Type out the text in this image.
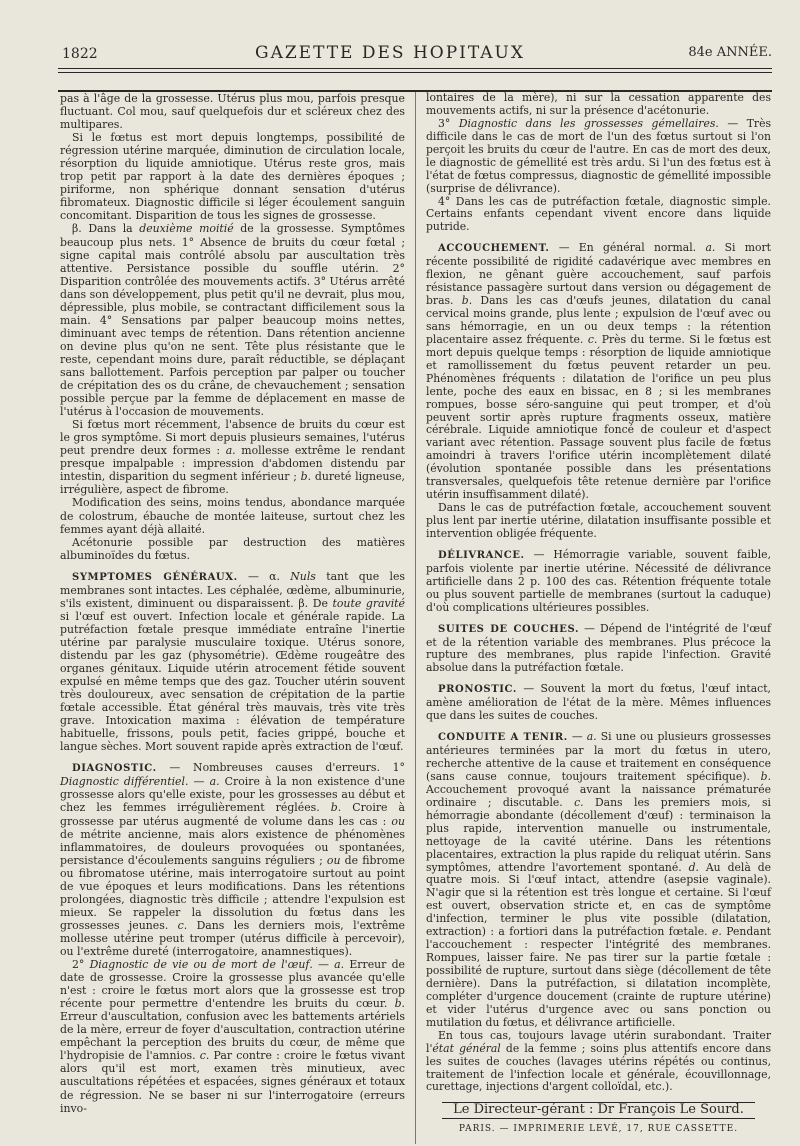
1822	GAZETTE DES HOPITAUX	84e ANNÉE.

pas à l'âge de la grossesse. Utérus plus mou, parfois presque fluctuant. Col mou, sauf quelquefois dur et scléreux chez des multipares.

Si le fœtus est mort depuis longtemps, possibilité de régression utérine marquée, diminution de circulation locale, résorption du liquide amniotique. Utérus reste gros, mais trop petit par rapport à la date des dernières époques ; piriforme, non sphérique donnant sensation d'utérus fibromateux. Diagnostic difficile si léger écoulement sanguin concomitant. Disparition de tous les signes de grossesse.

β. Dans la deuxième moitié de la grossesse. Symptômes beaucoup plus nets. 1° Absence de bruits du cœur fœtal ; signe capital mais contrôlé absolu par auscultation très attentive. Persistance possible du souffle utérin. 2° Disparition contrôlée des mouvements actifs. 3° Utérus arrêté dans son développement, plus petit qu'il ne devrait, plus mou, dépressible, plus mobile, se contractant difficilement sous la main. 4° Sensations par palper beaucoup moins nettes, diminuant avec temps de rétention. Dans rétention ancienne on devine plus qu'on ne sent. Tête plus résistante que le reste, cependant moins dure, paraît réductible, se déplaçant sans ballottement. Parfois perception par palper ou toucher de crépitation des os du crâne, de chevauchement ; sensation possible perçue par la femme de déplacement en masse de l'utérus à l'occasion de mouvements.

Si fœtus mort récemment, l'absence de bruits du cœur est le gros symptôme. Si mort depuis plusieurs semaines, l'utérus peut prendre deux formes : a. mollesse extrême le rendant presque impalpable : impression d'abdomen distendu par intestin, disparition du segment inférieur ; b. dureté ligneuse, irrégulière, aspect de fibrome.

Modification des seins, moins tendus, abondance marquée de colostrum, ébauche de montée laiteuse, surtout chez les femmes ayant déjà allaité.

Acétonurie possible par destruction des matières albuminoïdes du fœtus.

SYMPTOMES GÉNÉRAUX. — α. Nuls tant que les membranes sont intactes. Les céphalée, œdème, albuminurie, s'ils existent, diminuent ou disparaissent. β. De toute gravité si l'œuf est ouvert. Infection locale et générale rapide. La putréfaction fœtale presque immédiate entraîne l'inertie utérine par paralysie musculaire toxique. Utérus sonore, distendu par les gaz (physométrie). Œdème rougeâtre des organes génitaux. Liquide utérin atrocement fétide souvent expulsé en même temps que des gaz. Toucher utérin souvent très douloureux, avec sensation de crépitation de la partie fœtale accessible. État général très mauvais, très vite très grave. Intoxication maxima : élévation de température habituelle, frissons, pouls petit, facies grippé, bouche et langue sèches. Mort souvent rapide après extraction de l'œuf.

DIAGNOSTIC. — Nombreuses causes d'erreurs. 1° Diagnostic différentiel. — a. Croire à la non existence d'une grossesse alors qu'elle existe, pour les grossesses au début et chez les femmes irrégulièrement réglées. b. Croire à grossesse par utérus augmenté de volume dans les cas : ou de métrite ancienne, mais alors existence de phénomènes inflammatoires, de douleurs provoquées ou spontanées, persistance d'écoulements sanguins réguliers ; ou de fibrome ou fibromatose utérine, mais interrogatoire surtout au point de vue époques et leurs modifications. Dans les rétentions prolongées, diagnostic très difficile ; attendre l'expulsion est mieux. Se rappeler la dissolution du fœtus dans les grossesses jeunes. c. Dans les derniers mois, l'extrême mollesse utérine peut tromper (utérus difficile à percevoir), ou l'extrême dureté (interrogatoire, anamnestiques).

2° Diagnostic de vie ou de mort de l'œuf. — a. Erreur de date de grossesse. Croire la grossesse plus avancée qu'elle n'est : croire le fœtus mort alors que la grossesse est trop récente pour permettre d'entendre les bruits du cœur. b. Erreur d'auscultation, confusion avec les battements artériels de la mère, erreur de foyer d'auscultation, contraction utérine empêchant la perception des bruits du cœur, de même que l'hydropisie de l'amnios. c. Par contre : croire le fœtus vivant alors qu'il est mort, examen très minutieux, avec auscultations répétées et espacées, signes généraux et totaux de régression. Ne se baser ni sur l'interrogatoire (erreurs invo-

lontaires de la mère), ni sur la cessation apparente des mouvements actifs, ni sur la présence d'acétonurie.

3° Diagnostic dans les grossesses gémellaires. — Très difficile dans le cas de mort de l'un des fœtus surtout si l'on perçoit les bruits du cœur de l'autre. En cas de mort des deux, le diagnostic de gémellité est très ardu. Si l'un des fœtus est à l'état de fœtus compressus, diagnostic de gémellité impossible (surprise de délivrance).

4° Dans les cas de putréfaction fœtale, diagnostic simple. Certains enfants cependant vivent encore dans liquide putride.

ACCOUCHEMENT. — En général normal. a. Si mort récente possibilité de rigidité cadavérique avec membres en flexion, ne gênant guère accouchement, sauf parfois résistance passagère surtout dans version ou dégagement de bras. b. Dans les cas d'œufs jeunes, dilatation du canal cervical moins grande, plus lente ; expulsion de l'œuf avec ou sans hémorragie, en un ou deux temps : la rétention placentaire assez fréquente. c. Près du terme. Si le fœtus est mort depuis quelque temps : résorption de liquide amniotique et ramollissement du fœtus peuvent retarder un peu. Phénomènes fréquents : dilatation de l'orifice un peu plus lente, poche des eaux en bissac, en 8 ; si les membranes rompues, bosse séro-sanguine qui peut tromper, et d'où peuvent sortir après rupture fragments osseux, matière cérébrale. Liquide amniotique foncé de couleur et d'aspect variant avec rétention. Passage souvent plus facile de fœtus amoindri à travers l'orifice utérin incomplètement dilaté (évolution spontanée possible dans les présentations transversales, quelquefois tête retenue dernière par l'orifice utérin insuffisamment dilaté).

Dans le cas de putréfaction fœtale, accouchement souvent plus lent par inertie utérine, dilatation insuffisante possible et intervention obligée fréquente.

DÉLIVRANCE. — Hémorragie variable, souvent faible, parfois violente par inertie utérine. Nécessité de délivrance artificielle dans 2 p. 100 des cas. Rétention fréquente totale ou plus souvent partielle de membranes (surtout la caduque) d'où complications ultérieures possibles.

SUITES DE COUCHES. — Dépend de l'intégrité de l'œuf et de la rétention variable des membranes. Plus précoce la rupture des membranes, plus rapide l'infection. Gravité absolue dans la putréfaction fœtale.

PRONOSTIC. — Souvent la mort du fœtus, l'œuf intact, amène amélioration de l'état de la mère. Mêmes influences que dans les suites de couches.

CONDUITE A TENIR. — a. Si une ou plusieurs grossesses antérieures terminées par la mort du fœtus in utero, recherche attentive de la cause et traitement en conséquence (sans cause connue, toujours traitement spécifique). b. Accouchement provoqué avant la naissance prématurée ordinaire ; discutable. c. Dans les premiers mois, si hémorragie abondante (décollement d'œuf) : terminaison la plus rapide, intervention manuelle ou instrumentale, nettoyage de la cavité utérine. Dans les rétentions placentaires, extraction la plus rapide du reliquat utérin. Sans symptômes, attendre l'avortement spontané. d. Au delà de quatre mois. Si l'œuf intact, attendre (asepsie vaginale). N'agir que si la rétention est très longue et certaine. Si l'œuf est ouvert, observation stricte et, en cas de symptôme d'infection, terminer le plus vite possible (dilatation, extraction) : a fortiori dans la putréfaction fœtale. e. Pendant l'accouchement : respecter l'intégrité des membranes. Rompues, laisser faire. Ne pas tirer sur la partie fœtale : possibilité de rupture, surtout dans siège (décollement de tête dernière). Dans la putréfaction, si dilatation incomplète, compléter d'urgence doucement (crainte de rupture utérine) et vider l'utérus d'urgence avec ou sans ponction ou mutilation du fœtus, et délivrance artificielle.

En tous cas, toujours lavage utérin surabondant. Traiter l'état général de la femme ; soins plus attentifs encore dans les suites de couches (lavages utérins répétés ou continus, traitement de l'infection locale et générale, écouvillonnage, curettage, injections d'argent colloïdal, etc.).

Le Directeur-gérant : Dr François Le Sourd.
PARIS. — IMPRIMERIE LEVÉ, 17, RUE CASSETTE.
